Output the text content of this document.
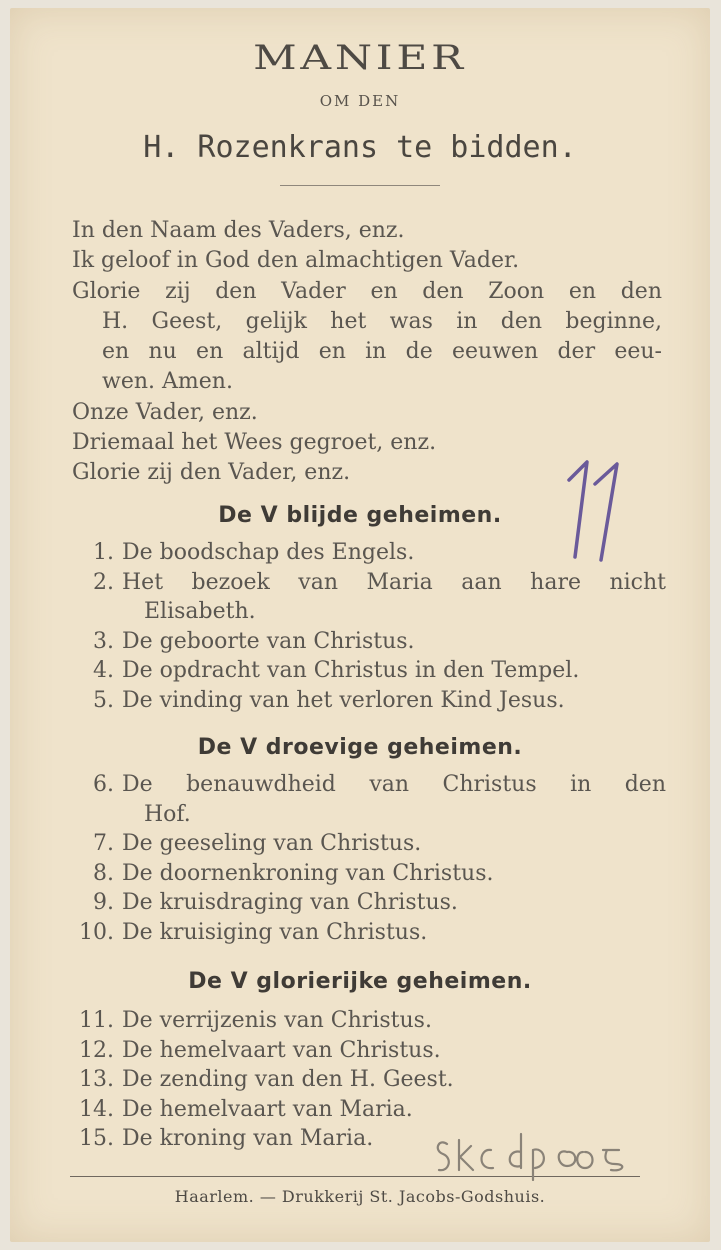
MANIER
OM DEN
H. Rozenkrans te bidden.
In den Naam des Vaders, enz.
Ik geloof in God den almachtigen Vader.
Glorie zij den Vader en den Zoon en den
H. Geest, gelijk het was in den beginne,
en nu en altijd en in de eeuwen der eeu-
wen. Amen.
Onze Vader, enz.
Driemaal het Wees gegroet, enz.
Glorie zij den Vader, enz.
De V blijde geheimen.
1. De boodschap des Engels.
2. Het bezoek van Maria aan hare nicht
Elisabeth.
3. De geboorte van Christus.
4. De opdracht van Christus in den Tempel.
5. De vinding van het verloren Kind Jesus.
De V droevige geheimen.
6. De benauwdheid van Christus in den
Hof.
7. De geeseling van Christus.
8. De doornenkroning van Christus.
9. De kruisdraging van Christus.
10. De kruisiging van Christus.
De V glorierijke geheimen.
11. De verrijzenis van Christus.
12. De hemelvaart van Christus.
13. De zending van den H. Geest.
14. De hemelvaart van Maria.
15. De kroning van Maria.
Haarlem. — Drukkerij St. Jacobs-Godshuis.
